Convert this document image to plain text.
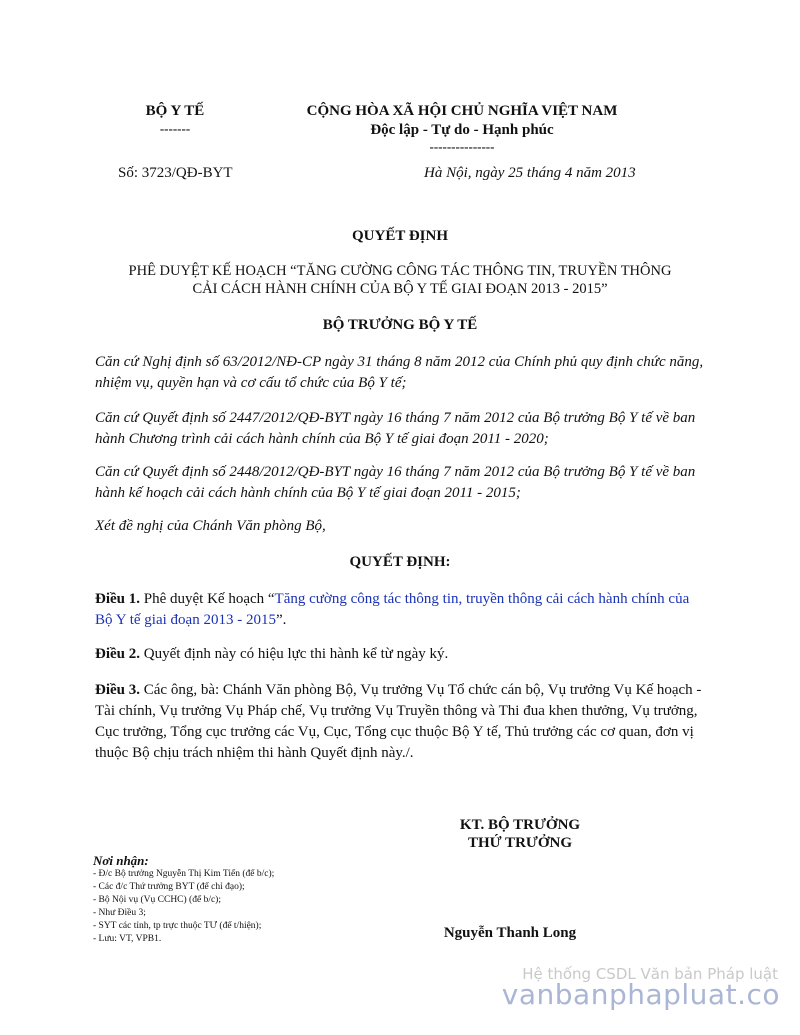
BỘ Y TẾ
-------
CỘNG HÒA XÃ HỘI CHỦ NGHĨA VIỆT NAM
Độc lập - Tự do - Hạnh phúc
---------------
Số: 3723/QĐ-BYT	Hà Nội, ngày 25 tháng 4 năm 2013
QUYẾT ĐỊNH
PHÊ DUYỆT KẾ HOẠCH “TĂNG CƯỜNG CÔNG TÁC THÔNG TIN, TRUYỀN THÔNG
CẢI CÁCH HÀNH CHÍNH CỦA BỘ Y TẾ GIAI ĐOẠN 2013 - 2015”
BỘ TRƯỞNG BỘ Y TẾ
Căn cứ Nghị định số 63/2012/NĐ-CP ngày 31 tháng 8 năm 2012 của Chính phủ quy định chức năng, nhiệm vụ, quyền hạn và cơ cấu tổ chức của Bộ Y tế;
Căn cứ Quyết định số 2447/2012/QĐ-BYT ngày 16 tháng 7 năm 2012 của Bộ trưởng Bộ Y tế về ban hành Chương trình cải cách hành chính của Bộ Y tế giai đoạn 2011 - 2020;
Căn cứ Quyết định số 2448/2012/QĐ-BYT ngày 16 tháng 7 năm 2012 của Bộ trưởng Bộ Y tế về ban hành kế hoạch cải cách hành chính của Bộ Y tế giai đoạn 2011 - 2015;
Xét đề nghị của Chánh Văn phòng Bộ,
QUYẾT ĐỊNH:
Điều 1. Phê duyệt Kế hoạch “Tăng cường công tác thông tin, truyền thông cải cách hành chính của Bộ Y tế giai đoạn 2013 - 2015”.
Điều 2. Quyết định này có hiệu lực thi hành kể từ ngày ký.
Điều 3. Các ông, bà: Chánh Văn phòng Bộ, Vụ trưởng Vụ Tổ chức cán bộ, Vụ trưởng Vụ Kế hoạch - Tài chính, Vụ trưởng Vụ Pháp chế, Vụ trưởng Vụ Truyền thông và Thi đua khen thưởng, Vụ trưởng, Cục trưởng, Tổng cục trưởng các Vụ, Cục, Tổng cục thuộc Bộ Y tế, Thủ trưởng các cơ quan, đơn vị thuộc Bộ chịu trách nhiệm thi hành Quyết định này./.
Nơi nhận:
- Đ/c Bộ trưởng Nguyễn Thị Kim Tiến (để b/c);
- Các đ/c Thứ trưởng BYT (để chỉ đạo);
- Bộ Nội vụ (Vụ CCHC) (để b/c);
- Như Điều 3;
- SYT các tỉnh, tp trực thuộc TƯ (để t/hiện);
- Lưu: VT, VPB1.
KT. BỘ TRƯỞNG
THỨ TRƯỞNG
Nguyễn Thanh Long
Hệ thống CSDL Văn bản Pháp luật
vanbanphapluat.co
